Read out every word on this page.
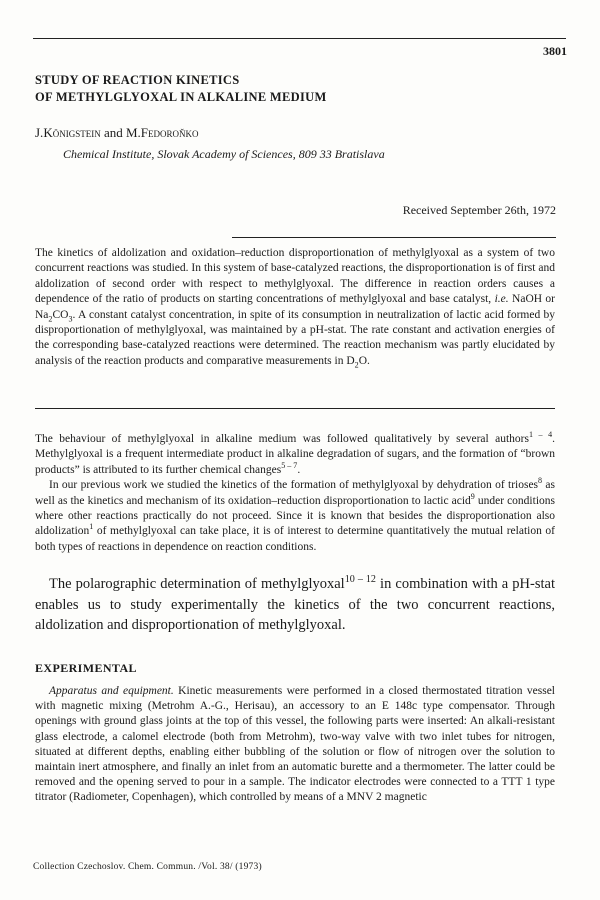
3801
STUDY OF REACTION KINETICS
OF METHYLGLYOXAL IN ALKALINE MEDIUM
J.Königstein and M.Fedoroňko
Chemical Institute, Slovak Academy of Sciences, 809 33 Bratislava
Received September 26th, 1972

The kinetics of aldolization and oxidation–reduction disproportionation of methylglyoxal as a system of two concurrent reactions was studied. In this system of base-catalyzed reactions, the disproportionation is of first and aldolization of second order with respect to methylglyoxal. The difference in reaction orders causes a dependence of the ratio of products on starting concentrations of methylglyoxal and base catalyst, i.e. NaOH or $Na_2CO_3$. A constant catalyst concentration, in spite of its consumption in neutralization of lactic acid formed by disproportionation of methylglyoxal, was maintained by a pH-stat. The rate constant and activation energies of the corresponding base-catalyzed reactions were determined. The reaction mechanism was partly elucidated by analysis of the reaction products and comparative measurements in $D_2O$.

The behaviour of methylglyoxal in alkaline medium was followed qualitatively by several authors$^{1 - 4}$. Methylglyoxal is a frequent intermediate product in alkaline degradation of sugars, and the formation of “brown products” is attributed to its further chemical changes$^{5 - 7}$.

In our previous work we studied the kinetics of the formation of methylglyoxal by dehydration of trioses$^8$ as well as the kinetics and mechanism of its oxidation–reduction disproportionation to lactic acid$^9$ under conditions where other reactions practically do not proceed. Since it is known that besides the disproportionation also aldolization$^1$ of methylglyoxal can take place, it is of interest to determine quantitatively the mutual relation of both types of reactions in dependence on reaction conditions.

The polarographic determination of methylglyoxal$^{10 - 12}$ in combination with a pH-stat enables us to study experimentally the kinetics of the two concurrent reactions, aldolization and disproportionation of methylglyoxal.
EXPERIMENTAL

Apparatus and equipment. Kinetic measurements were performed in a closed thermostated titration vessel with magnetic mixing (Metrohm A.-G., Herisau), an accessory to an E 148c type compensator. Through openings with ground glass joints at the top of this vessel, the following parts were inserted: An alkali-resistant glass electrode, a calomel electrode (both from Metrohm), two-way valve with two inlet tubes for nitrogen, situated at different depths, enabling either bubbling of the solution or flow of nitrogen over the solution to maintain inert atmosphere, and finally an inlet from an automatic burette and a thermometer. The latter could be removed and the opening served to pour in a sample. The indicator electrodes were connected to a TTT 1 type titrator (Radiometer, Copenhagen), which controlled by means of a MNV 2 magnetic

Collection Czechoslov. Chem. Commun. /Vol. 38/ (1973)
